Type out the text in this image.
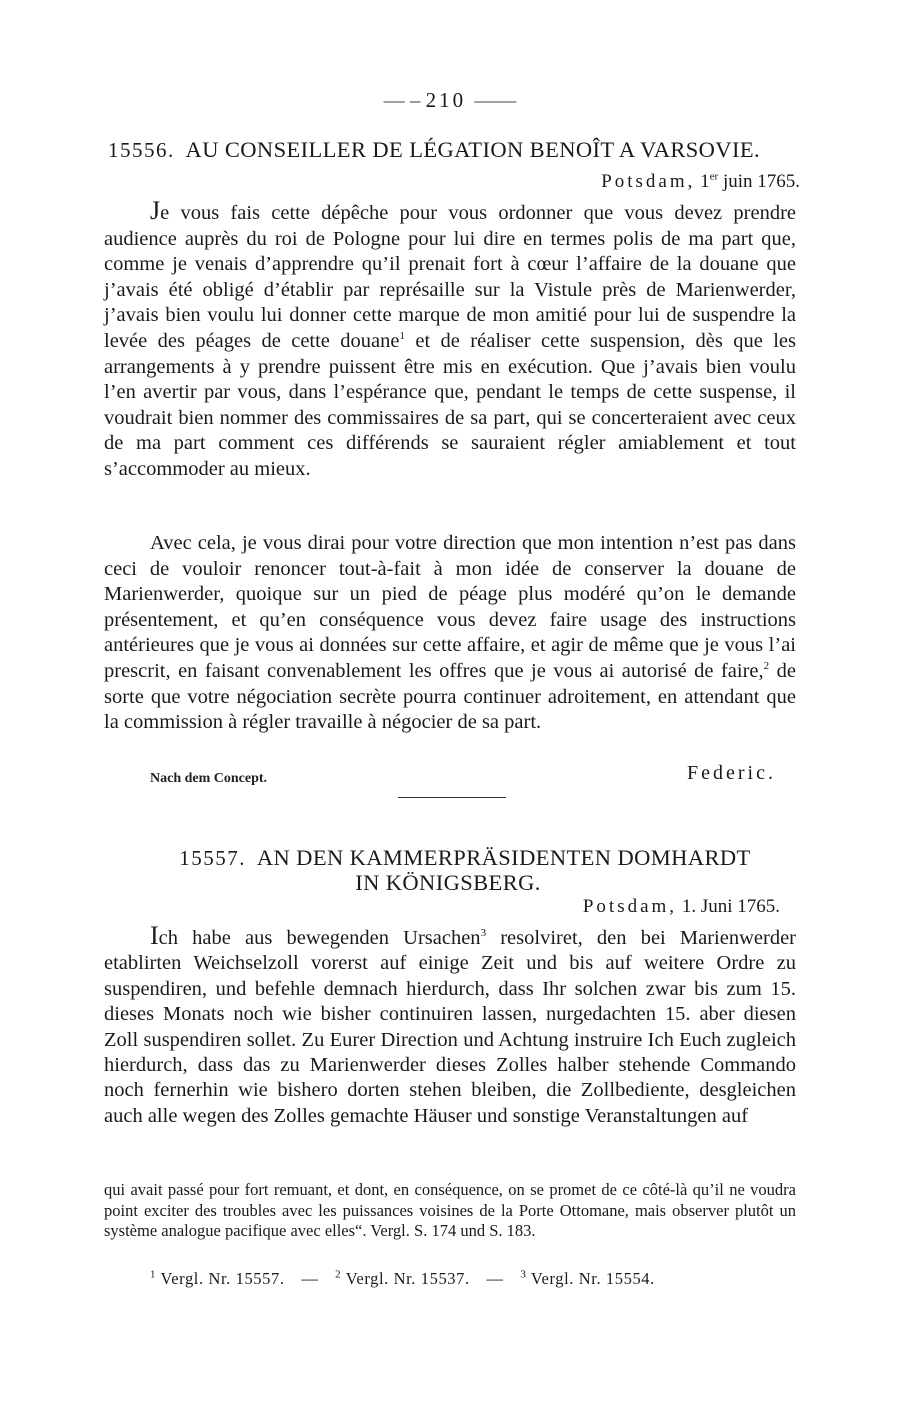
— – 210 ——
15556. AU CONSEILLER DE LÉGATION BENOÎT A VARSOVIE.
Potsdam, 1er juin 1765.

Je vous fais cette dépêche pour vous ordonner que vous devez prendre audience auprès du roi de Pologne pour lui dire en termes polis de ma part que, comme je venais d’apprendre qu’il prenait fort à cœur l’affaire de la douane que j’avais été obligé d’établir par représaille sur la Vistule près de Marienwerder, j’avais bien voulu lui donner cette marque de mon amitié pour lui de suspendre la levée des péages de cette douane$^1$ et de réaliser cette suspension, dès que les arrangements à y prendre puissent être mis en exécution. Que j’avais bien voulu l’en avertir par vous, dans l’espérance que, pendant le temps de cette suspense, il voudrait bien nommer des commissaires de sa part, qui se concerteraient avec ceux de ma part comment ces différends se sauraient régler amiablement et tout s’accommoder au mieux.

Avec cela, je vous dirai pour votre direction que mon intention n’est pas dans ceci de vouloir renoncer tout-à-fait à mon idée de conserver la douane de Marienwerder, quoique sur un pied de péage plus modéré qu’on le demande présentement, et qu’en conséquence vous devez faire usage des instructions antérieures que je vous ai données sur cette affaire, et agir de même que je vous l’ai prescrit, en faisant convenablement les offres que je vous ai autorisé de faire,$^2$ de sorte que votre négociation secrète pourra continuer adroitement, en attendant que la commission à régler travaille à négocier de sa part.

Nach dem Concept.	Federic.
15557. AN DEN KAMMERPRÄSIDENTEN DOMHARDT
IN KÖNIGSBERG.
Potsdam, 1. Juni 1765.

Ich habe aus bewegenden Ursachen$^3$ resolviret, den bei Marienwerder etablirten Weichselzoll vorerst auf einige Zeit und bis auf weitere Ordre zu suspendiren, und befehle demnach hierdurch, dass Ihr solchen zwar bis zum 15. dieses Monats noch wie bisher continuiren lassen, nurgedachten 15. aber diesen Zoll suspendiren sollet. Zu Eurer Direction und Achtung instruire Ich Euch zugleich hierdurch, dass das zu Marienwerder dieses Zolles halber stehende Commando noch fernerhin wie bishero dorten stehen bleiben, die Zollbediente, desgleichen auch alle wegen des Zolles gemachte Häuser und sonstige Veranstaltungen auf

qui avait passé pour fort remuant, et dont, en conséquence, on se promet de ce côté-là qu’il ne voudra point exciter des troubles avec les puissances voisines de la Porte Ottomane, mais observer plutôt un système analogue pacifique avec elles“. Vergl. S. 174 und S. 183.

$^1$ Vergl. Nr. 15557. — $^2$ Vergl. Nr. 15537. — $^3$ Vergl. Nr. 15554.
